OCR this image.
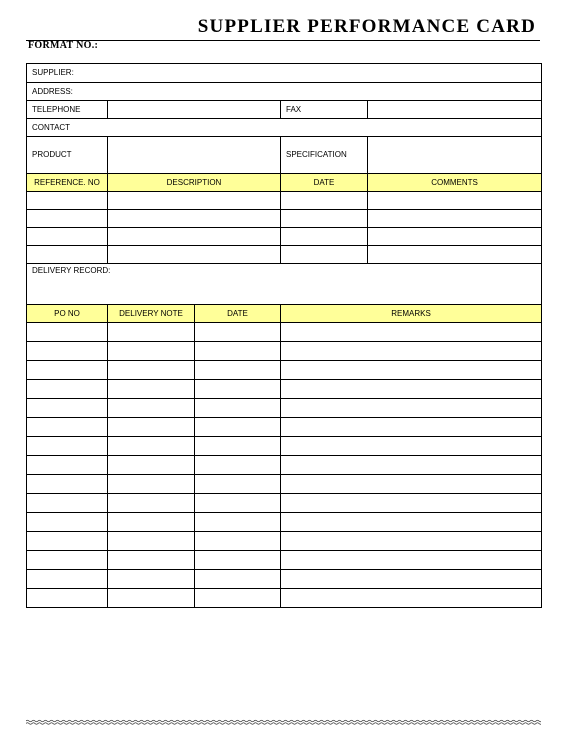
SUPPLIER PERFORMANCE CARD
FORMAT NO.:
SUPPLIER:				
ADDRESS:				
TELEPHONE			FAX	
CONTACT				
PRODUCT			SPECIFICATION	
REFERENCE. NO	DESCRIPTION		DATE	COMMENTS

DELIVERY RECORD:				
PO NO	DELIVERY NOTE	DATE	REMARKS	
